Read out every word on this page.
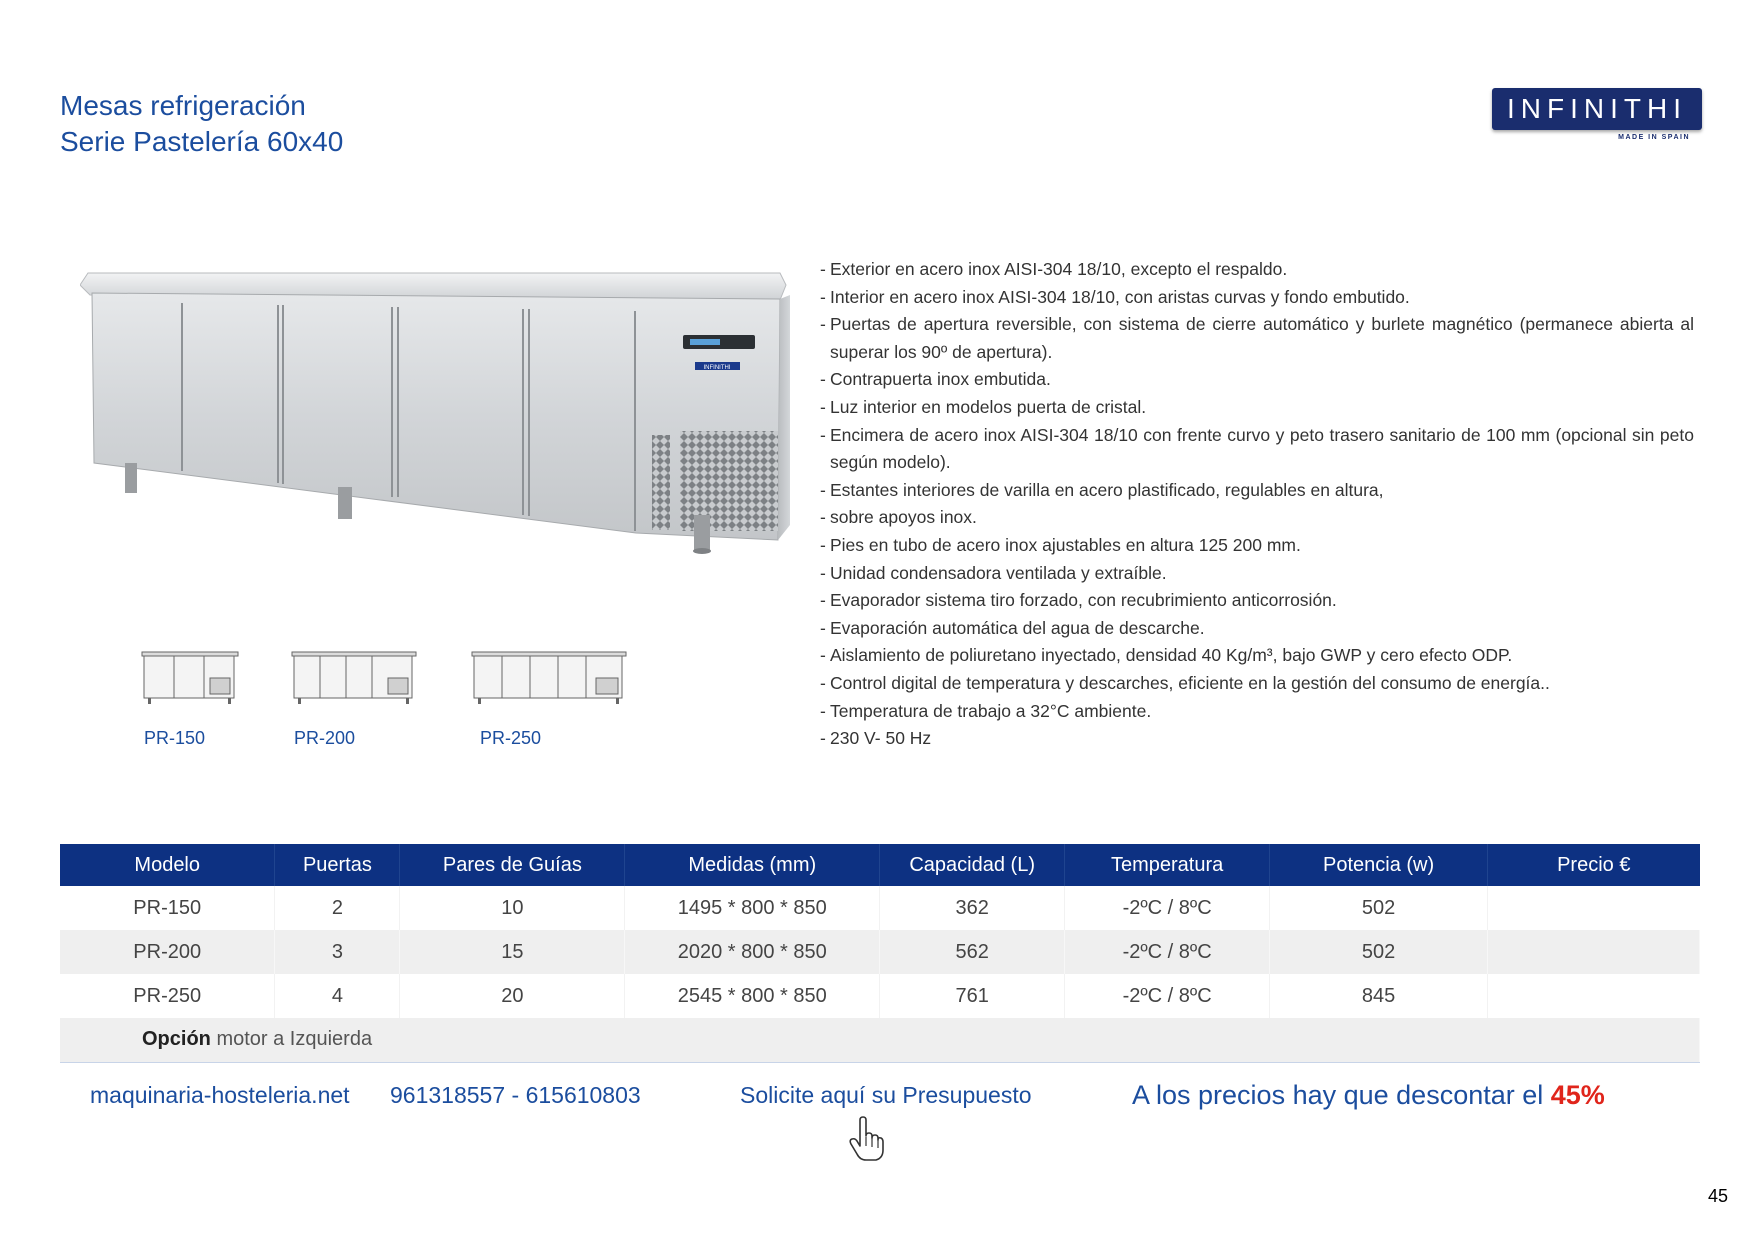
Mesas refrigeración
Serie Pastelería 60x40
INFINITHI
MADE IN SPAIN
INFINITHI
PR-150	PR-200	PR-250
- Exterior en acero inox AISI-304 18/10, excepto el respaldo.
- Interior en acero inox AISI-304 18/10, con aristas curvas y fondo embutido.
- Puertas de apertura reversible, con sistema de cierre automático y burlete magnético (permanece abierta al superar los 90º de apertura).
- Contrapuerta inox embutida.
- Luz interior en modelos puerta de cristal.
- Encimera de acero inox AISI-304 18/10 con frente curvo y peto trasero sanitario de 100 mm (opcional sin peto según modelo).
- Estantes interiores de varilla en acero plastificado, regulables en altura,
- sobre apoyos inox.
- Pies en tubo de acero inox ajustables en altura 125 200 mm.
- Unidad condensadora ventilada y extraíble.
- Evaporador sistema tiro forzado, con recubrimiento anticorrosión.
- Evaporación automática del agua de descarche.
- Aislamiento de poliuretano inyectado, densidad 40 Kg/m³, bajo GWP y cero efecto ODP.
- Control digital de temperatura y descarches, eficiente en la gestión del consumo de energía..
- Temperatura de trabajo a 32°C ambiente.
- 230 V- 50 Hz
Modelo	Puertas	Pares de Guías	Medidas (mm)	Capacidad (L)	Temperatura	Potencia (w)	Precio €
PR-150	2	10	1495 * 800 * 850	362	-2ºC / 8ºC	502	
PR-200	3	15	2020 * 800 * 850	562	-2ºC / 8ºC	502	
PR-250	4	20	2545 * 800 * 850	761	-2ºC / 8ºC	845	
Opción motor a Izquierda							
maquinaria-hosteleria.net 961318557 - 615610803	Solicite aquí su Presupuesto	A los precios hay que descontar el 45%
45
